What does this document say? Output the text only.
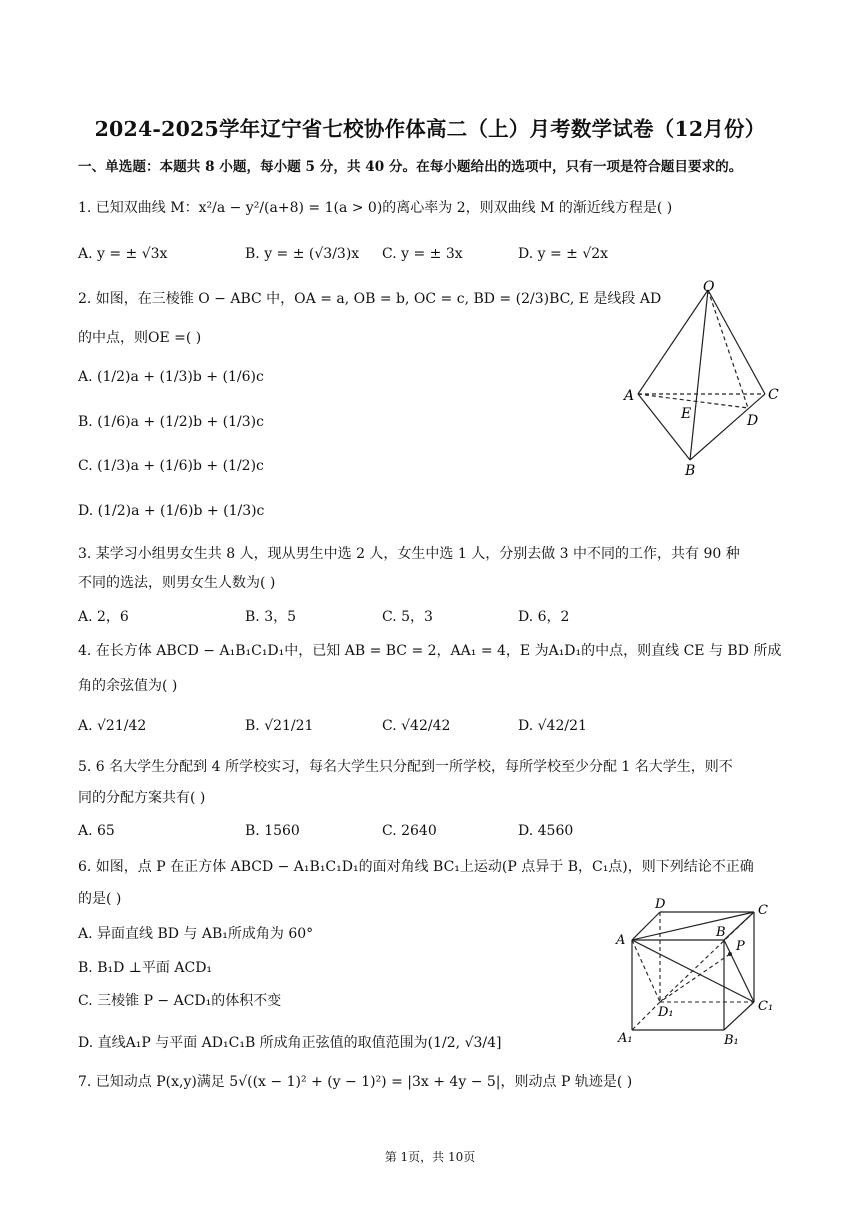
2024-2025学年辽宁省七校协作体高二（上）月考数学试卷（12月份）
一、单选题：本题共 8 小题，每小题 5 分，共 40 分。在每小题给出的选项中，只有一项是符合题目要求的。
1. 已知双曲线 M：x²/a − y²/(a+8) = 1(a > 0)的离心率为 2，则双曲线 M 的渐近线方程是( )
A. y = ± √3x	B. y = ± (√3/3)x C. y = ± 3x	D. y = ± √2x
2. 如图，在三棱锥 O − ABC 中，OA = a, OB = b, OC = c, BD = (2/3)BC, E 是线段 AD
的中点，则OE =( )
A. (1/2)a + (1/3)b + (1/6)c
B. (1/6)a + (1/2)b + (1/3)c
C. (1/3)a + (1/6)b + (1/2)c
D. (1/2)a + (1/6)b + (1/3)c
O
A
B
C
D
E
3. 某学习小组男女生共 8 人，现从男生中选 2 人，女生中选 1 人，分别去做 3 中不同的工作，共有 90 种
不同的选法，则男女生人数为( )
A. 2，6	B. 3，5	C. 5，3	D. 6，2
4. 在长方体 ABCD − A₁B₁C₁D₁中，已知 AB = BC = 2，AA₁ = 4，E 为A₁D₁的中点，则直线 CE 与 BD 所成
角的余弦值为( )
A. √21/42	B. √21/21	C. √42/42	D. √42/21
5. 6 名大学生分配到 4 所学校实习，每名大学生只分配到一所学校，每所学校至少分配 1 名大学生，则不
同的分配方案共有( )
A. 65	B. 1560	C. 2640	D. 4560
6. 如图，点 P 在正方体 ABCD − A₁B₁C₁D₁的面对角线 BC₁上运动(P 点异于 B，C₁点)，则下列结论不正确
的是( )
A. 异面直线 BD 与 AB₁所成角为 60°
B. B₁D ⊥平面 ACD₁
C. 三棱锥 P − ACD₁的体积不变
D. 直线A₁P 与平面 AD₁C₁B 所成角正弦值的取值范围为(1/2, √3/4]
D	C
A
B
P
D₁	C₁
A₁	B₁
7. 已知动点 P(x,y)满足 5√((x − 1)² + (y − 1)²) = |3x + 4y − 5|，则动点 P 轨迹是( )
第 1页，共 10页
